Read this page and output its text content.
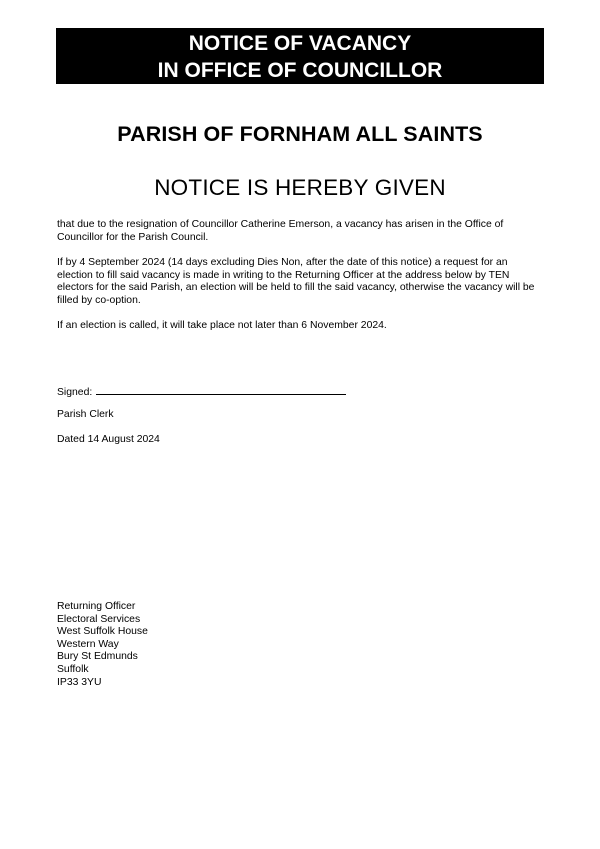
NOTICE OF VACANCY
IN OFFICE OF COUNCILLOR
PARISH OF FORNHAM ALL SAINTS
NOTICE IS HEREBY GIVEN

that due to the resignation of Councillor Catherine Emerson, a vacancy has arisen in the Office of Councillor for the Parish Council.

If by 4 September 2024 (14 days excluding Dies Non, after the date of this notice) a request for an election to fill said vacancy is made in writing to the Returning Officer at the address below by TEN electors for the said Parish, an election will be held to fill the said vacancy, otherwise the vacancy will be filled by co-option.

If an election is called, it will take place not later than 6 November 2024.

Signed:
Parish Clerk
Dated 14 August 2024
Returning Officer
Electoral Services
West Suffolk House
Western Way
Bury St Edmunds
Suffolk
IP33 3YU
